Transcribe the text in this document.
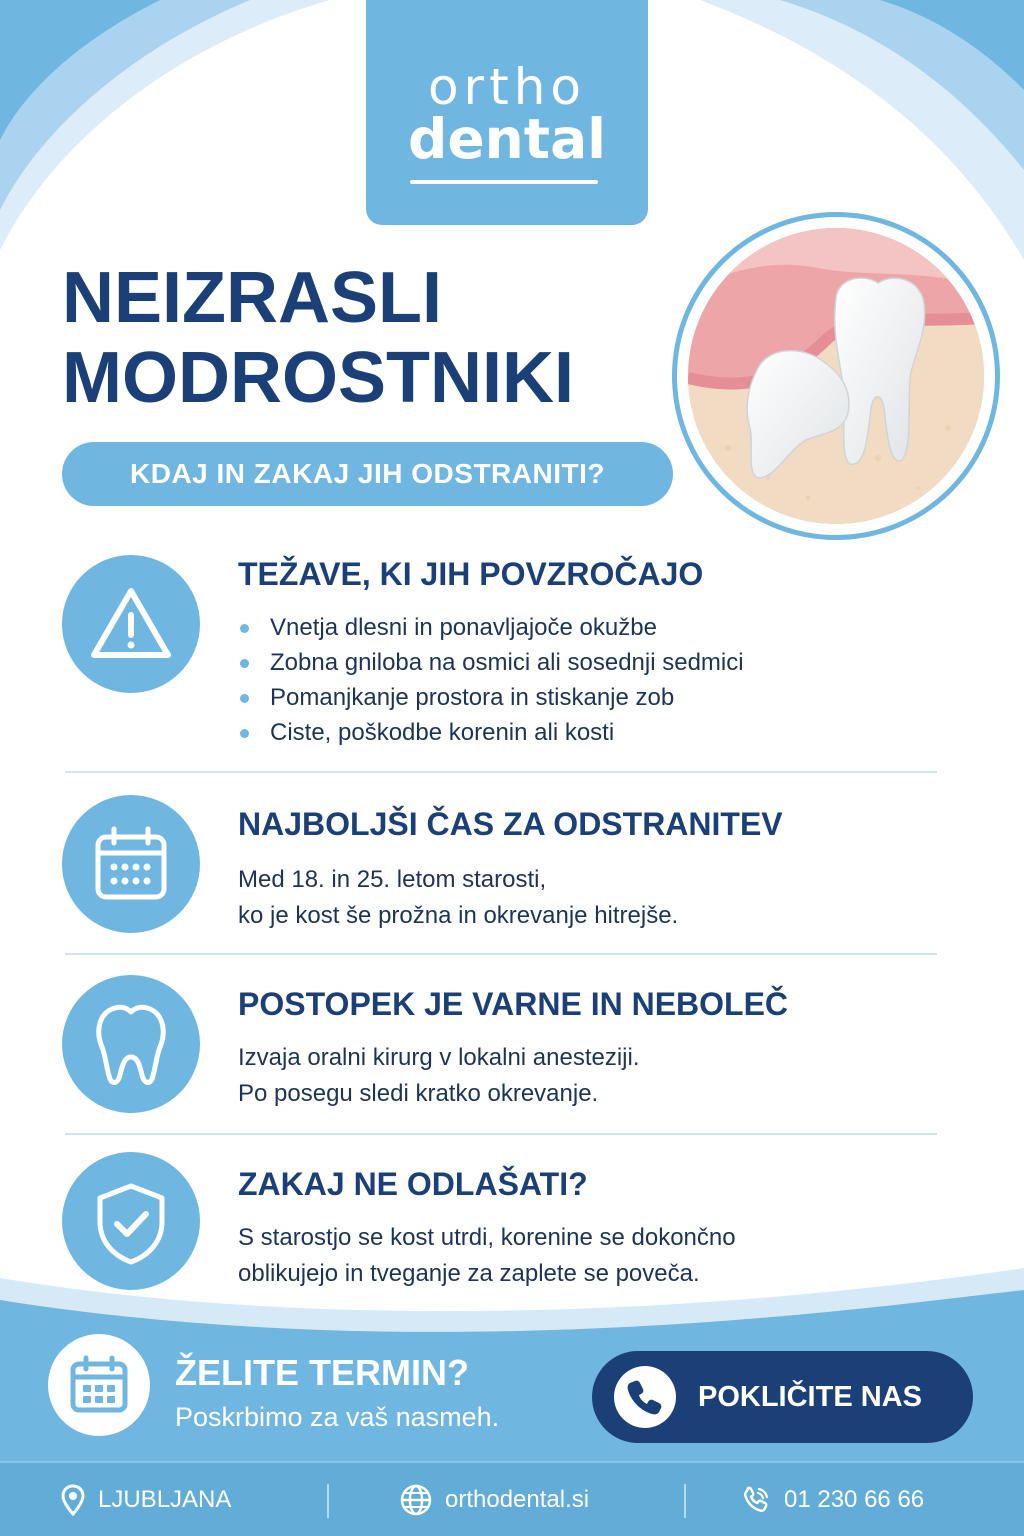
ortho
dental
NEIZRASLI
MODROSTNIKI
KDAJ IN ZAKAJ JIH ODSTRANITI?
TEŽAVE, KI JIH POVZROČAJO
Vnetja dlesni in ponavljajoče okužbe
Zobna gniloba na osmici ali sosednji sedmici
Pomanjkanje prostora in stiskanje zob
Ciste, poškodbe korenin ali kosti
NAJBOLJŠI ČAS ZA ODSTRANITEV

Med 18. in 25. letom starosti,
ko je kost še prožna in okrevanje hitrejše.

POSTOPEK JE VARNE IN NEBOLEČ

Izvaja oralni kirurg v lokalni anesteziji.
Po posegu sledi kratko okrevanje.

ZAKAJ NE ODLAŠATI?

S starostjo se kost utrdi, korenine se dokončno
oblikujejo in tveganje za zaplete se poveča.

ŽELITE TERMIN?

Poskrbimo za vaš nasmeh.

POKLIČITE NAS
LJUBLJANA	orthodental.si	01 230 66 66
